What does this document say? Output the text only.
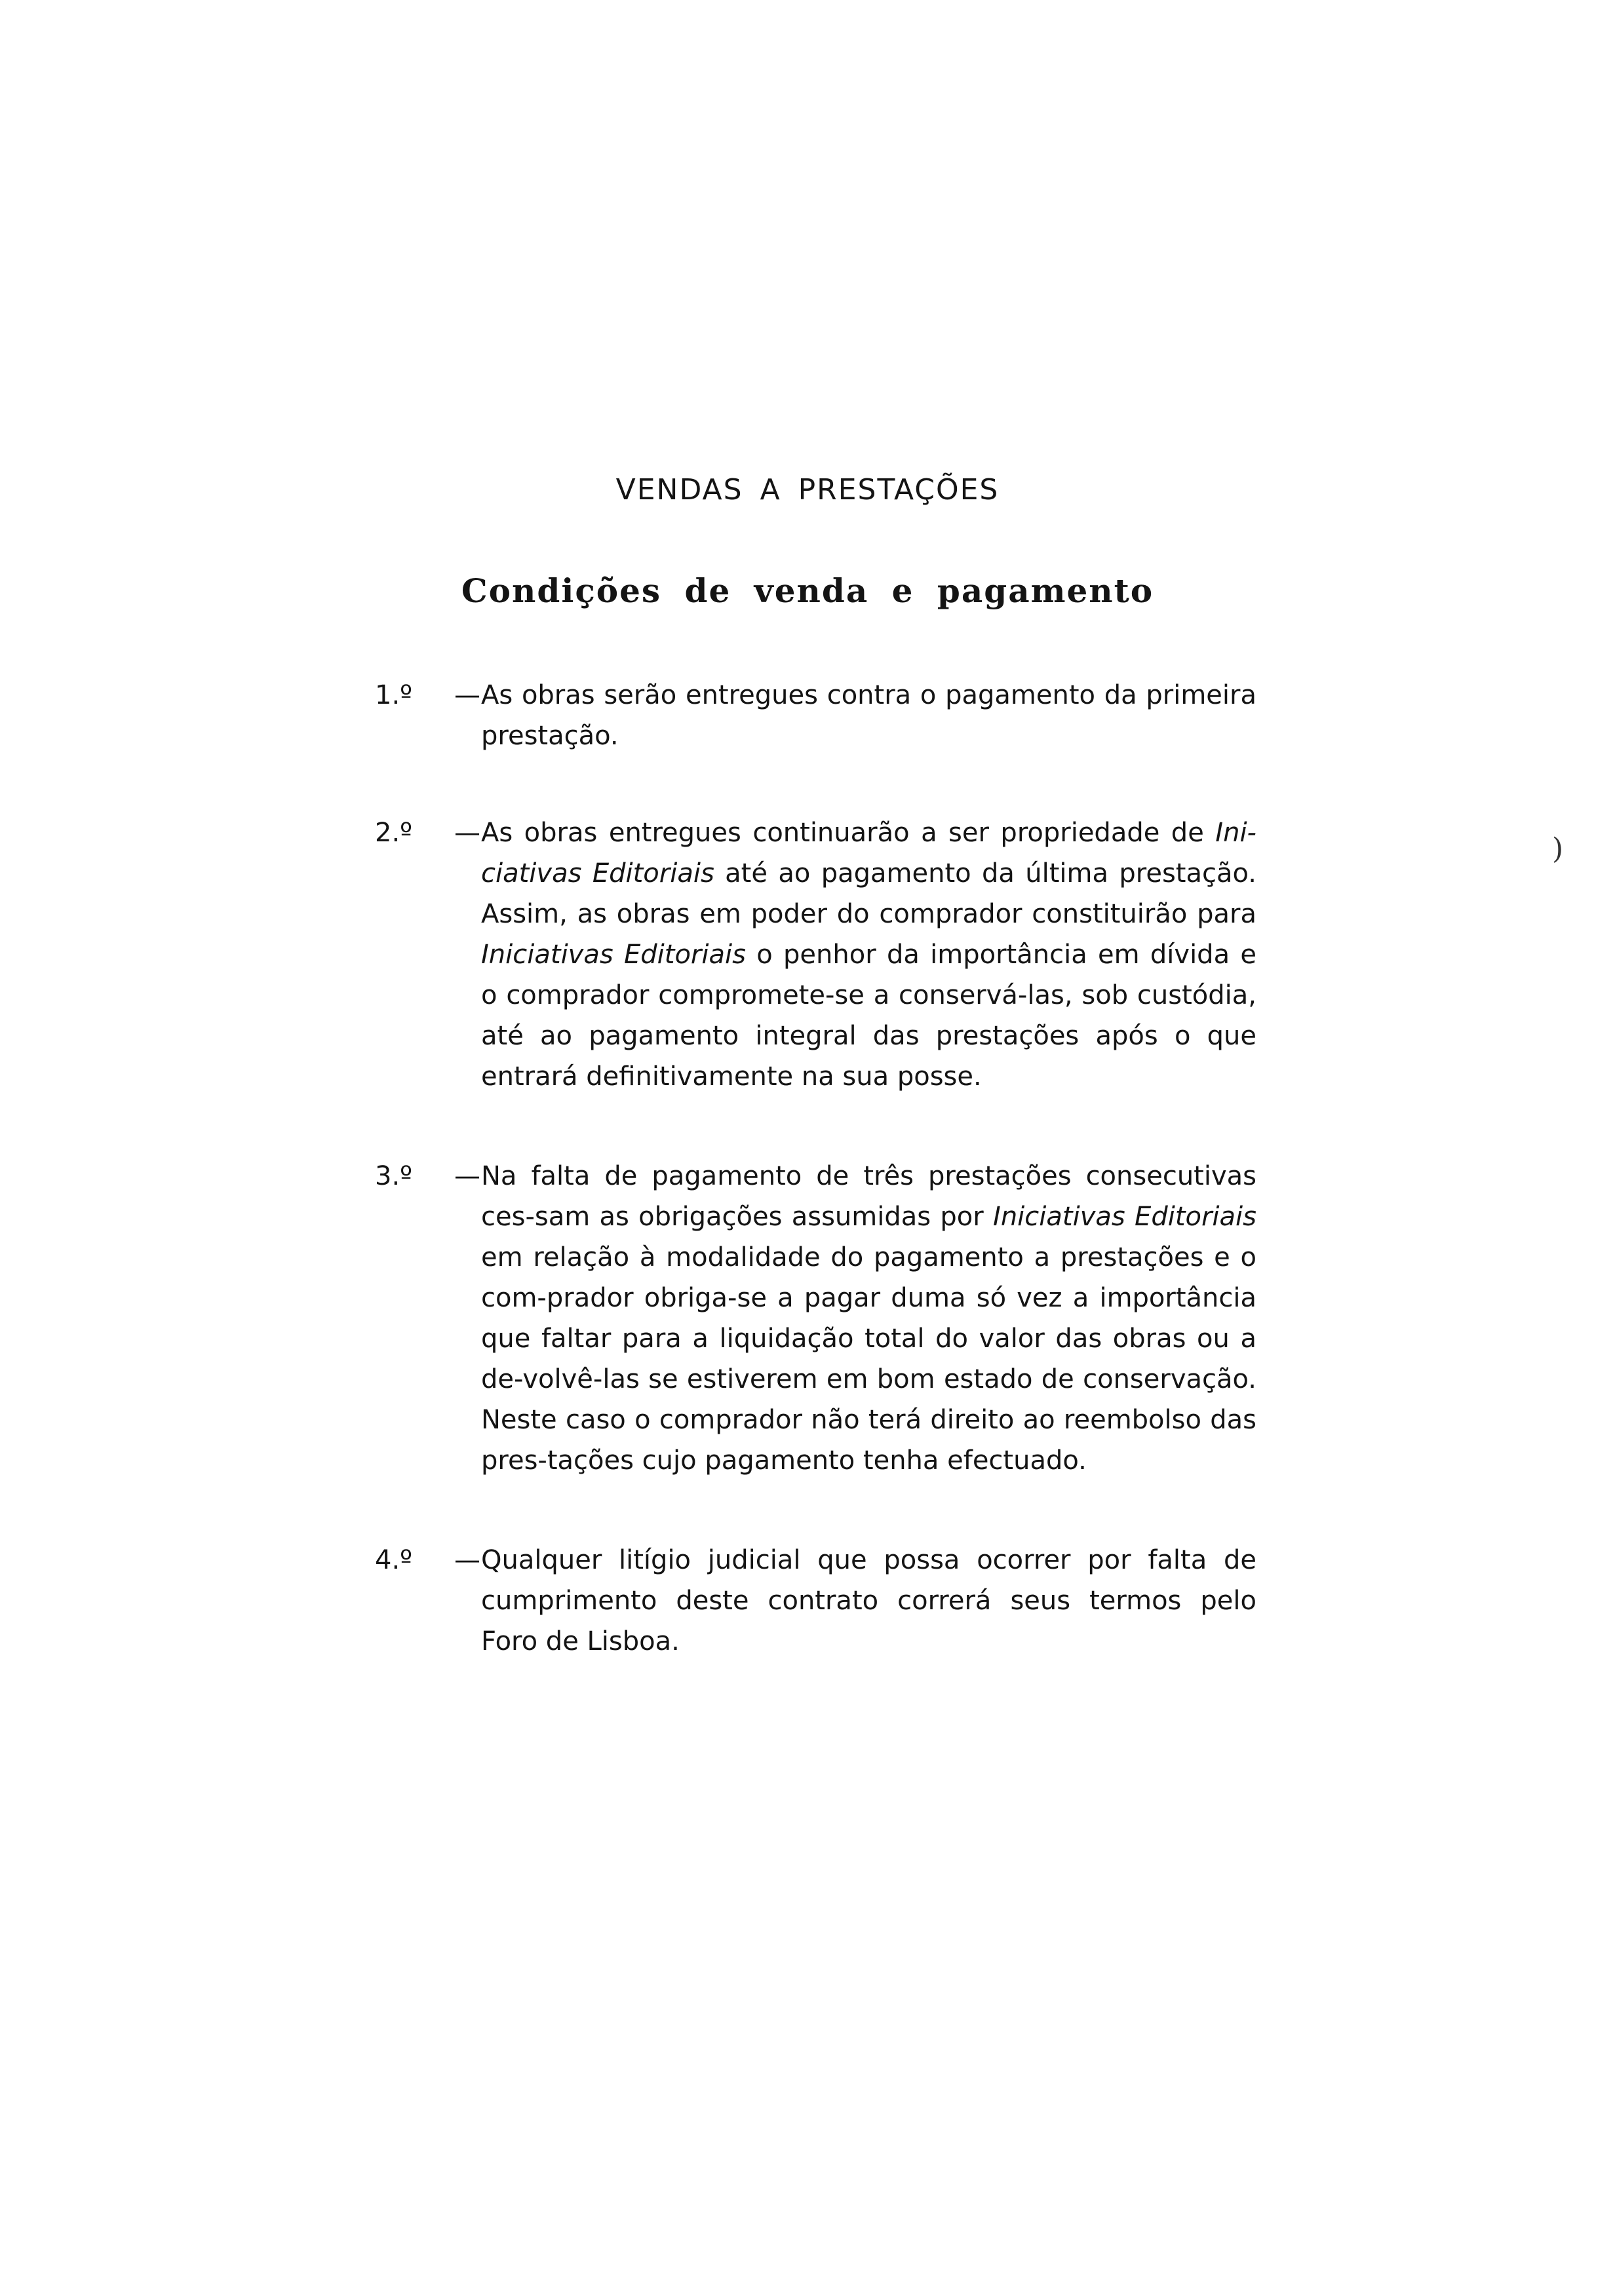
VENDAS A PRESTAÇÕES
Condições de venda e pagamento
1.º	— As obras serão entregues contra o pagamento da primeira prestação.
2.º	— As obras entregues continuarão a ser propriedade de Ini-ciativas Editoriais até ao pagamento da última prestação. Assim, as obras em poder do comprador constituirão para Iniciativas Editoriais o penhor da importância em dívida e o comprador compromete-se a conservá-las, sob custódia, até ao pagamento integral das prestações após o que entrará definitivamente na sua posse.
3.º	— Na falta de pagamento de três prestações consecutivas ces-sam as obrigações assumidas por Iniciativas Editoriais em relação à modalidade do pagamento a prestações e o com-prador obriga-se a pagar duma só vez a importância que faltar para a liquidação total do valor das obras ou a de-volvê-las se estiverem em bom estado de conservação. Neste caso o comprador não terá direito ao reembolso das pres-tações cujo pagamento tenha efectuado.
4.º	— Qualquer litígio judicial que possa ocorrer por falta de cumprimento deste contrato correrá seus termos pelo Foro de Lisboa.
)
